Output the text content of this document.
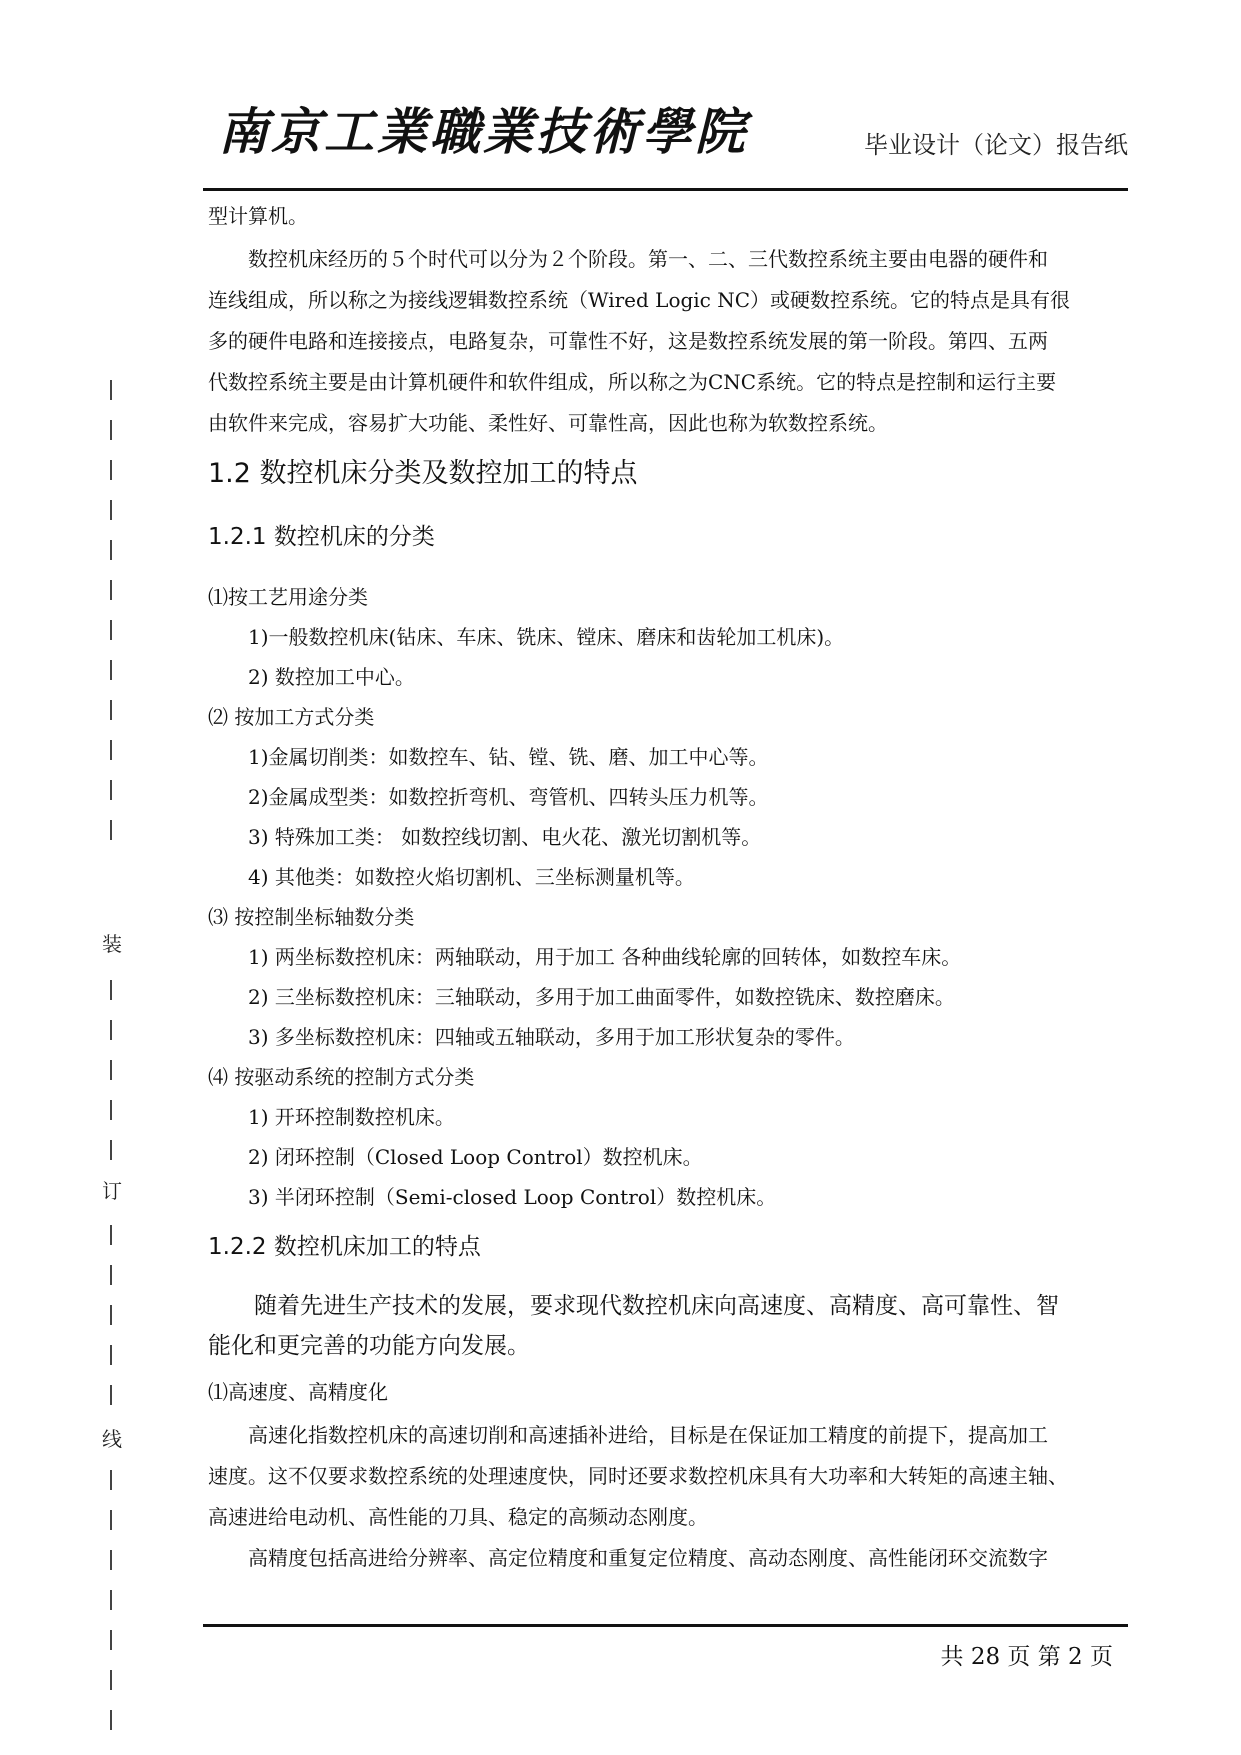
南京工業職業技術學院	毕业设计（论文）报告纸
装
订
线
型计算机。
　　数控机床经历的５个时代可以分为２个阶段。第一、二、三代数控系统主要由电器的硬件和
连线组成，所以称之为接线逻辑数控系统（Wired Logic NC）或硬数控系统。它的特点是具有很
多的硬件电路和连接接点，电路复杂，可靠性不好，这是数控系统发展的第一阶段。第四、五两
代数控系统主要是由计算机硬件和软件组成，所以称之为CNC系统。它的特点是控制和运行主要
由软件来完成，容易扩大功能、柔性好、可靠性高，因此也称为软数控系统。
1.2 数控机床分类及数控加工的特点
1.2.1 数控机床的分类
⑴按工艺用途分类
　　1)一般数控机床(钻床、车床、铣床、镗床、磨床和齿轮加工机床)。
　　2) 数控加工中心。
⑵ 按加工方式分类
　　1)金属切削类：如数控车、钻、镗、铣、磨、加工中心等。
　　2)金属成型类：如数控折弯机、弯管机、四转头压力机等。
　　3) 特殊加工类： 如数控线切割、电火花、激光切割机等。
　　4) 其他类：如数控火焰切割机、三坐标测量机等。
⑶ 按控制坐标轴数分类
　　1) 两坐标数控机床：两轴联动，用于加工 各种曲线轮廓的回转体，如数控车床。
　　2) 三坐标数控机床：三轴联动，多用于加工曲面零件，如数控铣床、数控磨床。
　　3) 多坐标数控机床：四轴或五轴联动，多用于加工形状复杂的零件。
⑷ 按驱动系统的控制方式分类
　　1) 开环控制数控机床。
　　2) 闭环控制（Closed Loop Control）数控机床。
　　3) 半闭环控制（Semi-closed Loop Control）数控机床。
1.2.2 数控机床加工的特点
　　随着先进生产技术的发展，要求现代数控机床向高速度、高精度、高可靠性、智
能化和更完善的功能方向发展。
⑴高速度、高精度化
　　高速化指数控机床的高速切削和高速插补进给，目标是在保证加工精度的前提下，提高加工
速度。这不仅要求数控系统的处理速度快，同时还要求数控机床具有大功率和大转矩的高速主轴、
高速进给电动机、高性能的刀具、稳定的高频动态刚度。
　　高精度包括高进给分辨率、高定位精度和重复定位精度、高动态刚度、高性能闭环交流数字
共 28 页 第 2 页
